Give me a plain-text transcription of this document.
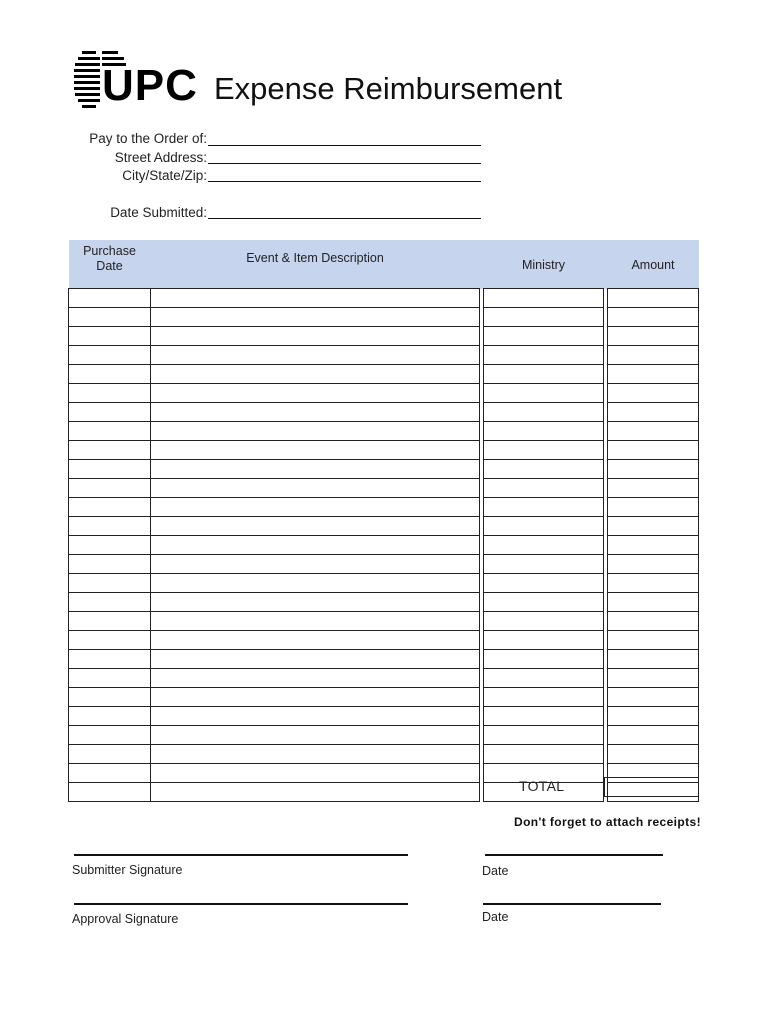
UPC Expense Reimbursement
Pay to the Order of:
Street Address:
City/State/Zip:
Date Submitted:
Purchase
Date	Event & Item Description		Ministry		Amount

TOTAL
Don't forget to attach receipts!
Submitter Signature	Date
Approval Signature	Date
